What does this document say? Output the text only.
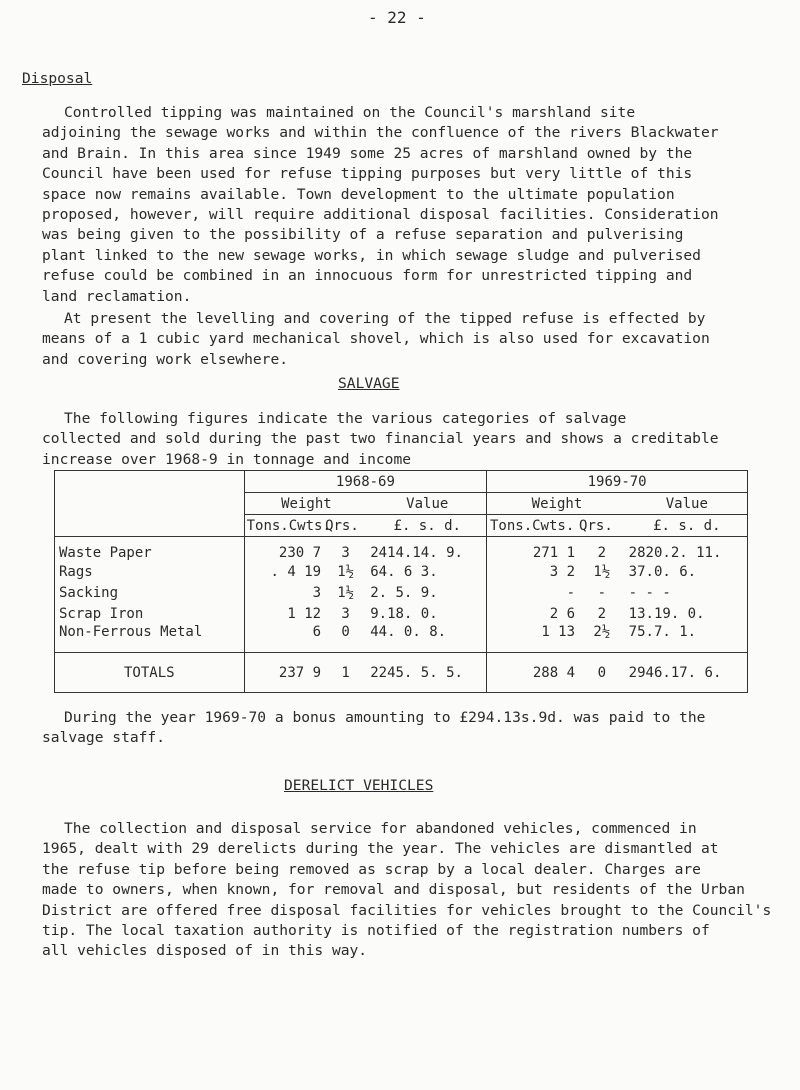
- 22 -
Disposal
Controlled tipping was maintained on the Council's marshland site
adjoining the sewage works and within the confluence of the rivers Blackwater
and Brain. In this area since 1949 some 25 acres of marshland owned by the
Council have been used for refuse tipping purposes but very little of this
space now remains available. Town development to the ultimate population
proposed, however, will require additional disposal facilities. Consideration
was being given to the possibility of a refuse separation and pulverising
plant linked to the new sewage works, in which sewage sludge and pulverised
refuse could be combined in an innocuous form for unrestricted tipping and
land reclamation.
At present the levelling and covering of the tipped refuse is effected by
means of a 1 cubic yard mechanical shovel, which is also used for excavation
and covering work elsewhere.
SALVAGE
The following figures indicate the various categories of salvage
collected and sold during the past two financial years and shows a creditable
increase over 1968-9 in tonnage and income
	1968-69			1969-70		
	Weight		Value	Weight		Value
	Tons.Cwts.	Qrs.	£. s. d.	Tons.Cwts.	Qrs.	£. s. d.
Waste Paper	230 7	3	2414.14. 9.	271 1	2	2820.2. 11.
Rags	. 4 19	1½	64. 6 3.	3 2	1½	37.0. 6.
Sacking	3	1½	2. 5. 9.	-	-	- - -
Scrap Iron	1 12	3	9.18. 0.	2 6	2	13.19. 0.
Non-Ferrous Metal	6	0	44. 0. 8.	1 13	2½	75.7. 1.
TOTALS	237 9	1	2245. 5. 5.	288 4	0	2946.17. 6.
During the year 1969-70 a bonus amounting to £294.13s.9d. was paid to the
salvage staff.
DERELICT VEHICLES
The collection and disposal service for abandoned vehicles, commenced in
1965, dealt with 29 derelicts during the year. The vehicles are dismantled at
the refuse tip before being removed as scrap by a local dealer. Charges are
made to owners, when known, for removal and disposal, but residents of the Urban
District are offered free disposal facilities for vehicles brought to the Council's
tip. The local taxation authority is notified of the registration numbers of
all vehicles disposed of in this way.
